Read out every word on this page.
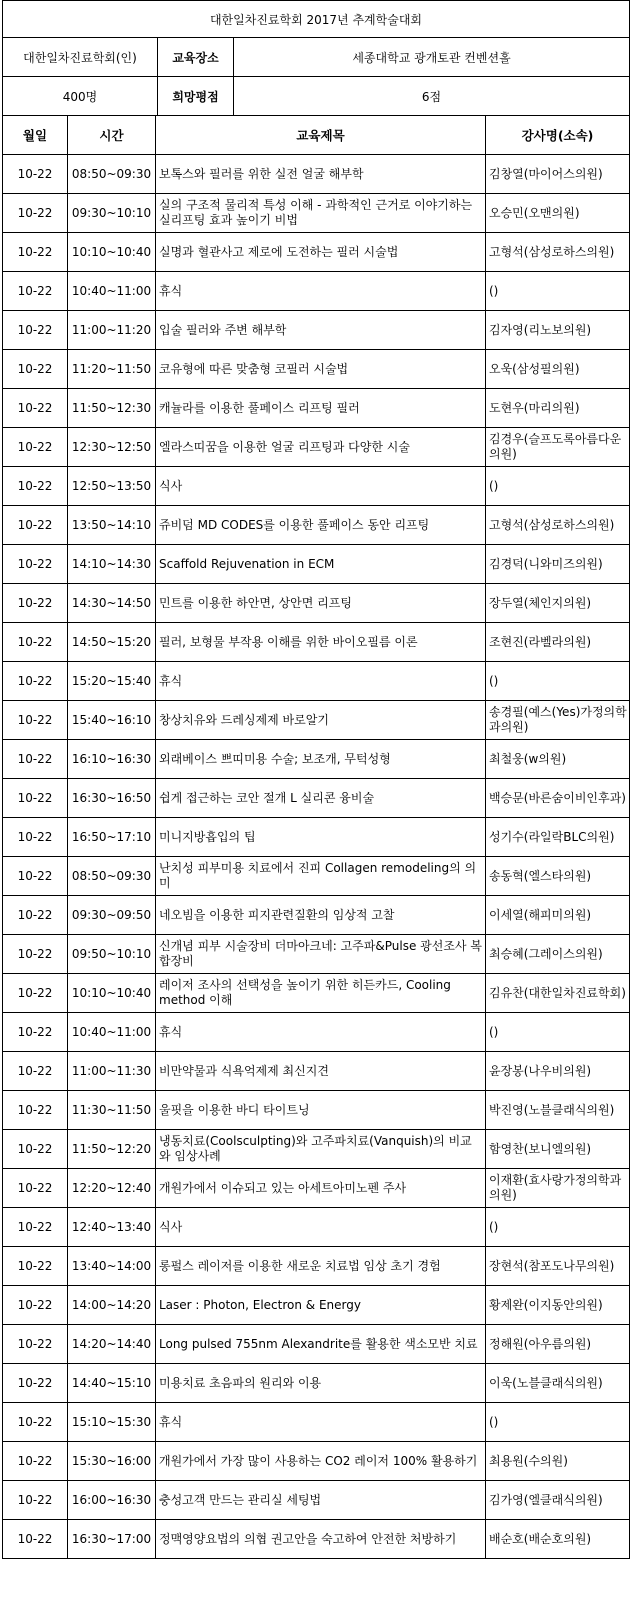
대한일차진료학회 2017년 추계학술대회		
대한일차진료학회(인)	교육장소	세종대학교 광개토관 컨벤션홀
400명	희망평점	6점
월일	시간	교육제목	강사명(소속)
10-22	08:50~09:30	보톡스와 필러를 위한 실전 얼굴 해부학	김창열(마이어스의원)
10-22	09:30~10:10	실의 구조적 물리적 특성 이해 - 과학적인 근거로 이야기하는 실리프팅 효과 높이기 비법	오승민(오맨의원)
10-22	10:10~10:40	실명과 혈관사고 제로에 도전하는 필러 시술법	고형석(삼성로하스의원)
10-22	10:40~11:00	휴식	()
10-22	11:00~11:20	입술 필러와 주변 해부학	김자영(리노보의원)
10-22	11:20~11:50	코유형에 따른 맞춤형 코필러 시술법	오욱(삼성필의원)
10-22	11:50~12:30	캐뉼라를 이용한 풀페이스 리프팅 필러	도현우(마리의원)
10-22	12:30~12:50	엘라스띠꿈을 이용한 얼굴 리프팅과 다양한 시술	김경우(슬프도록아름다운의원)
10-22	12:50~13:50	식사	()
10-22	13:50~14:10	쥬비덤 MD CODES를 이용한 풀페이스 동안 리프팅	고형석(삼성로하스의원)
10-22	14:10~14:30	Scaffold Rejuvenation in ECM	김경덕(니와미즈의원)
10-22	14:30~14:50	민트를 이용한 하안면, 상안면 리프팅	장두열(체인지의원)
10-22	14:50~15:20	필러, 보형물 부작용 이해를 위한 바이오필름 이론	조현진(라벨라의원)
10-22	15:20~15:40	휴식	()
10-22	15:40~16:10	창상치유와 드레싱제제 바로알기	송경필(예스(Yes)가정의학과의원)
10-22	16:10~16:30	외래베이스 쁘띠미용 수술; 보조개, 무턱성형	최철웅(w의원)
10-22	16:30~16:50	쉽게 접근하는 코안 절개 L 실리콘 융비술	백승문(바른숨이비인후과)
10-22	16:50~17:10	미니지방흡입의 팁	성기수(라일락BLC의원)
10-22	08:50~09:30	난치성 피부미용 치료에서 진피 Collagen remodeling의 의미	송동혁(엘스타의원)
10-22	09:30~09:50	네오빔을 이용한 피지관련질환의 임상적 고찰	이세열(해피미의원)
10-22	09:50~10:10	신개념 피부 시술장비 더마아크네: 고주파&Pulse 광선조사 복합장비	최승혜(그레이스의원)
10-22	10:10~10:40	레이저 조사의 선택성을 높이기 위한 히든카드, Cooling method 이해	김유찬(대한일차진료학회)
10-22	10:40~11:00	휴식	()
10-22	11:00~11:30	비만약물과 식욕억제제 최신지견	윤장봉(나우비의원)
10-22	11:30~11:50	울핏을 이용한 바디 타이트닝	박진영(노블클래식의원)
10-22	11:50~12:20	냉동치료(Coolsculpting)와 고주파치료(Vanquish)의 비교와 임상사례	함영찬(보니엘의원)
10-22	12:20~12:40	개원가에서 이슈되고 있는 아세트아미노펜 주사	이재환(효사랑가정의학과의원)
10-22	12:40~13:40	식사	()
10-22	13:40~14:00	롱펄스 레이저를 이용한 새로운 치료법 임상 초기 경험	장현석(참포도나무의원)
10-22	14:00~14:20	Laser : Photon, Electron & Energy	황제완(이지동안의원)
10-22	14:20~14:40	Long pulsed 755nm Alexandrite를 활용한 색소모반 치료	정해원(아우름의원)
10-22	14:40~15:10	미용치료 초음파의 원리와 이용	이욱(노블클래식의원)
10-22	15:10~15:30	휴식	()
10-22	15:30~16:00	개원가에서 가장 많이 사용하는 CO2 레이저 100% 활용하기	최용원(수의원)
10-22	16:00~16:30	충성고객 만드는 관리실 세팅법	김가영(엘클래식의원)
10-22	16:30~17:00	정맥영양요법의 의협 권고안을 숙고하여 안전한 처방하기	배순호(배순호의원)
